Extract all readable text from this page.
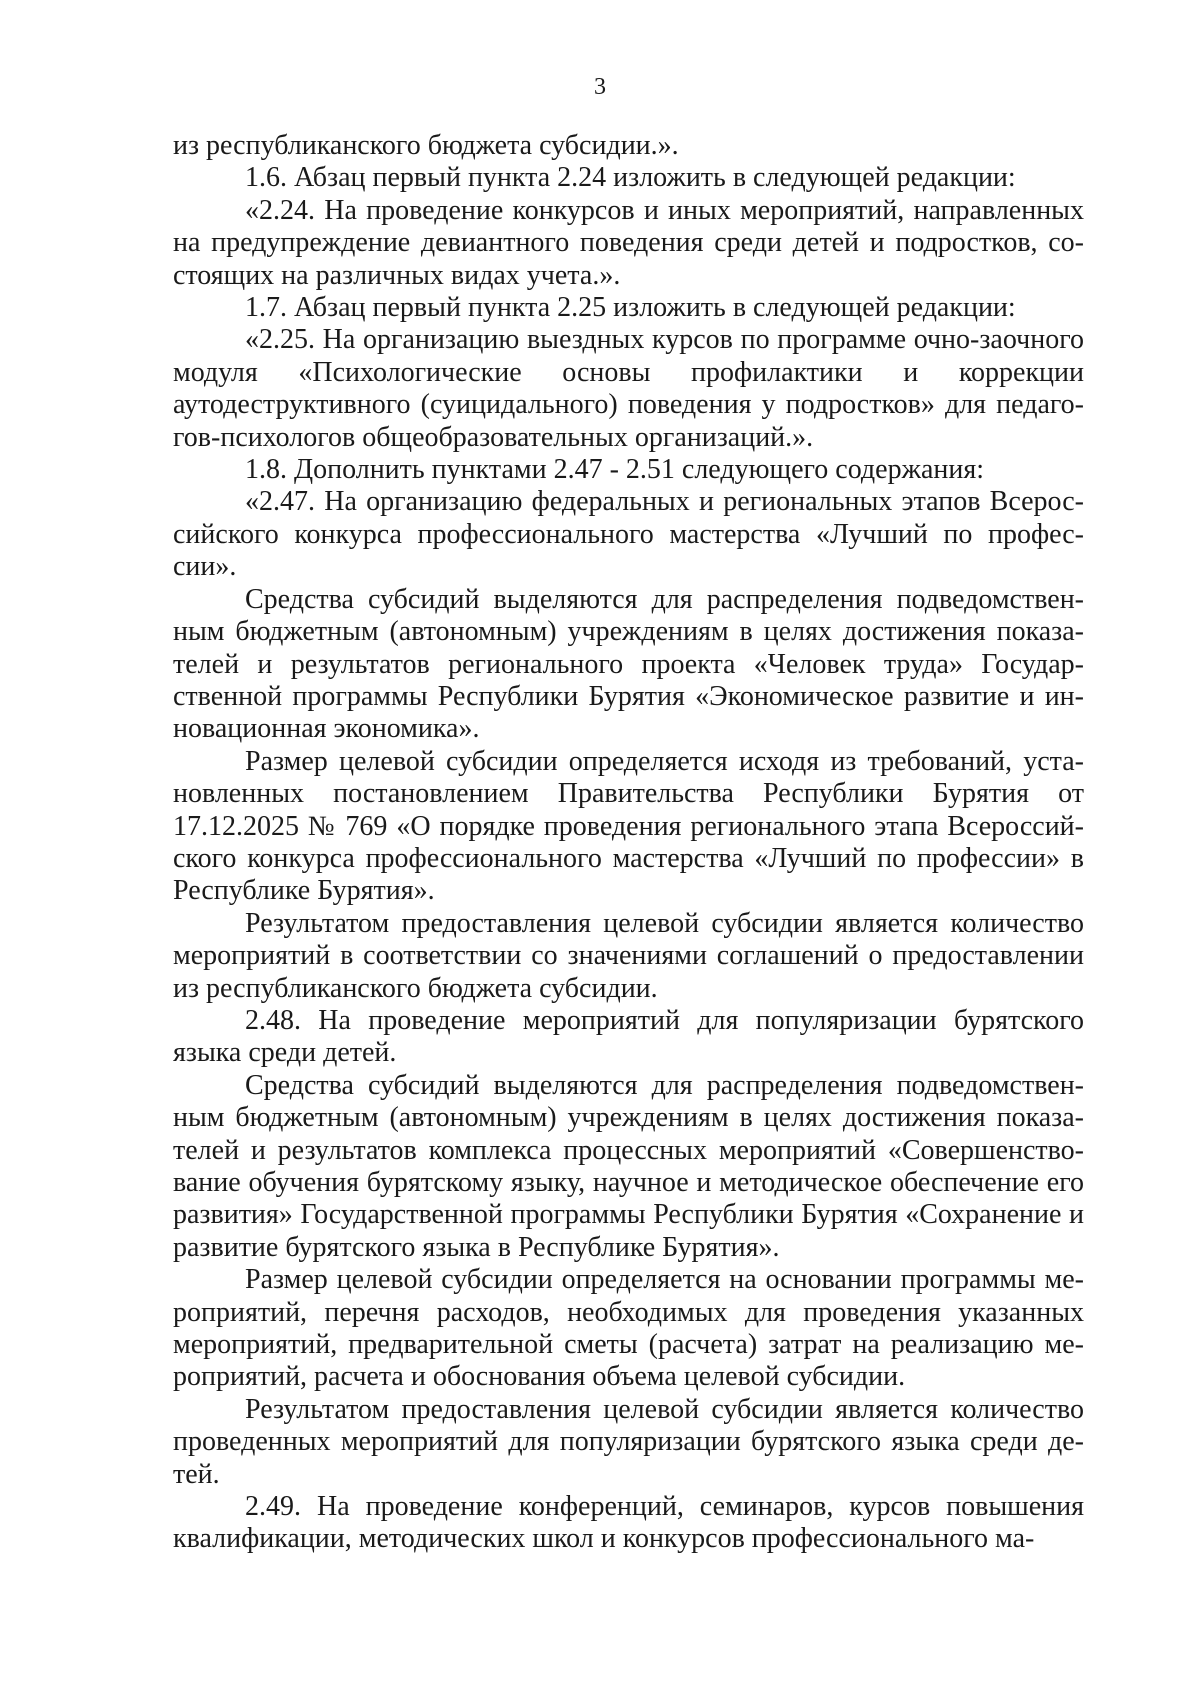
3

из республиканского бюджета субсидии.».

1.6. Абзац первый пункта 2.24 изложить в следующей редакции:

«2.24. На проведение конкурсов и иных мероприятий, направленных на предупреждение девиантного поведения среди детей и подростков, состоящих на различных видах учета.».

1.7. Абзац первый пункта 2.25 изложить в следующей редакции:

«2.25. На организацию выездных курсов по программе очно-заочного модуля «Психологические основы профилактики и коррекции аутодеструктивного (суицидального) поведения у подростков» для педагогов-психологов общеобразовательных организаций.».

1.8. Дополнить пунктами 2.47 - 2.51 следующего содержания:

«2.47. На организацию федеральных и региональных этапов Всероссийского конкурса профессионального мастерства «Лучший по профессии».

Средства субсидий выделяются для распределения подведомственным бюджетным (автономным) учреждениям в целях достижения показателей и результатов регионального проекта «Человек труда» Государственной программы Республики Бурятия «Экономическое развитие и инновационная экономика».

Размер целевой субсидии определяется исходя из требований, установленных постановлением Правительства Республики Бурятия от 17.12.2025 № 769 «О порядке проведения регионального этапа Всероссийского конкурса профессионального мастерства «Лучший по профессии» в Республике Бурятия».

Результатом предоставления целевой субсидии является количество мероприятий в соответствии со значениями соглашений о предоставлении из республиканского бюджета субсидии.

2.48. На проведение мероприятий для популяризации бурятского языка среди детей.

Средства субсидий выделяются для распределения подведомственным бюджетным (автономным) учреждениям в целях достижения показателей и результатов комплекса процессных мероприятий «Совершенствование обучения бурятскому языку, научное и методическое обеспечение его развития» Государственной программы Республики Бурятия «Сохранение и развитие бурятского языка в Республике Бурятия».

Размер целевой субсидии определяется на основании программы мероприятий, перечня расходов, необходимых для проведения указанных мероприятий, предварительной сметы (расчета) затрат на реализацию мероприятий, расчета и обоснования объема целевой субсидии.

Результатом предоставления целевой субсидии является количество проведенных мероприятий для популяризации бурятского языка среди детей.

2.49. На проведение конференций, семинаров, курсов повышения квалификации, методических школ и конкурсов профессионального ма-
